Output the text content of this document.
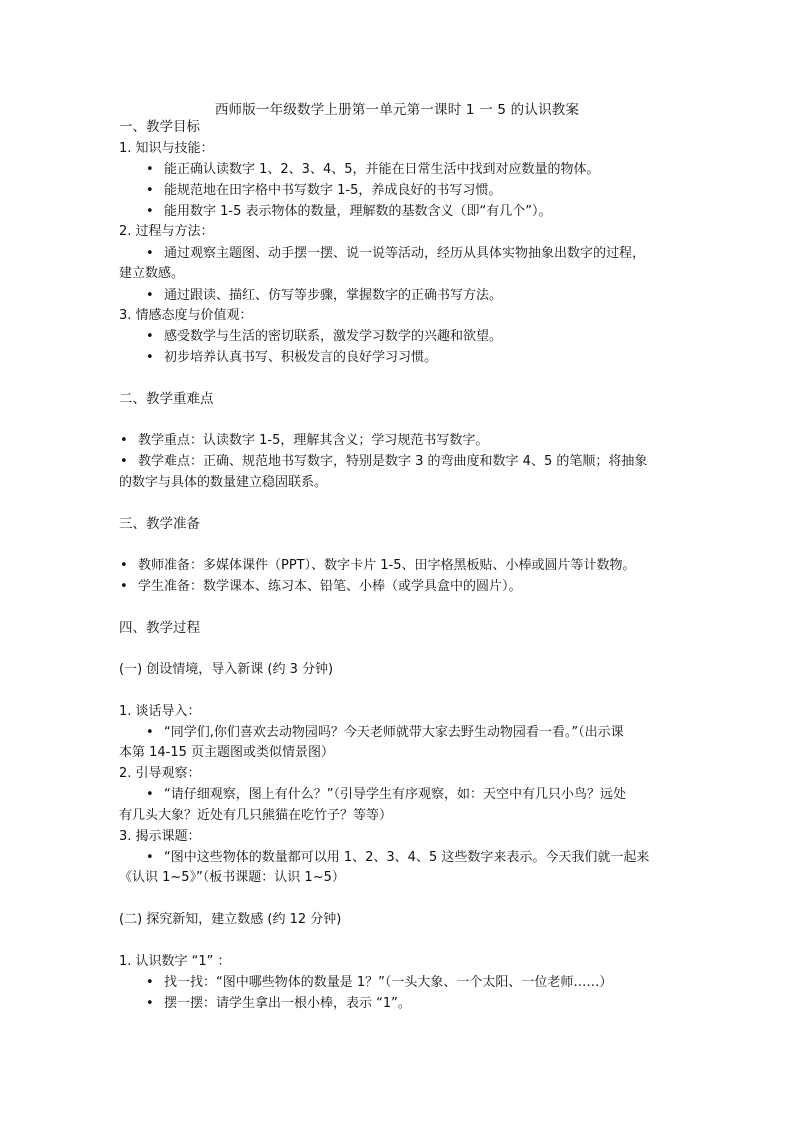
西师版一年级数学上册第一单元第一课时 1 一 5 的认识教案
一、教学目标
1. 知识与技能：
• 能正确认读数字 1、2、3、4、5，并能在日常生活中找到对应数量的物体。
• 能规范地在田字格中书写数字 1-5，养成良好的书写习惯。
• 能用数字 1-5 表示物体的数量，理解数的基数含义（即“有几个”）。
2. 过程与方法：
• 通过观察主题图、动手摆一摆、说一说等活动，经历从具体实物抽象出数字的过程，
建立数感。
• 通过跟读、描红、仿写等步骤，掌握数字的正确书写方法。
3. 情感态度与价值观：
• 感受数学与生活的密切联系，激发学习数学的兴趣和欲望。
• 初步培养认真书写、积极发言的良好学习习惯。
二、教学重难点
• 教学重点：认读数字 1-5，理解其含义；学习规范书写数字。
• 教学难点：正确、规范地书写数字，特别是数字 3 的弯曲度和数字 4、5 的笔顺；将抽象
的数字与具体的数量建立稳固联系。
三、教学准备
• 教师准备：多媒体课件（PPT）、数字卡片 1-5、田字格黑板贴、小棒或圆片等计数物。
• 学生准备：数学课本、练习本、铅笔、小棒（或学具盒中的圆片）。
四、教学过程
(一) 创设情境，导入新课 (约 3 分钟)
1. 谈话导入：
• “同学们,你们喜欢去动物园吗？今天老师就带大家去野生动物园看一看。”（出示课
本第 14-15 页主题图或类似情景图）
2. 引导观察：
• “请仔细观察，图上有什么？”（引导学生有序观察，如：天空中有几只小鸟？远处
有几头大象？近处有几只熊猫在吃竹子？等等）
3. 揭示课题：
• “图中这些物体的数量都可以用 1、2、3、4、5 这些数字来表示。今天我们就一起来
《认识 1~5》”（板书课题：认识 1~5）
(二) 探究新知，建立数感 (约 12 分钟)
1. 认识数字 “1” ：
• 找一找：“图中哪些物体的数量是 1？”（一头大象、一个太阳、一位老师……）
• 摆一摆：请学生拿出一根小棒，表示 “1”。
